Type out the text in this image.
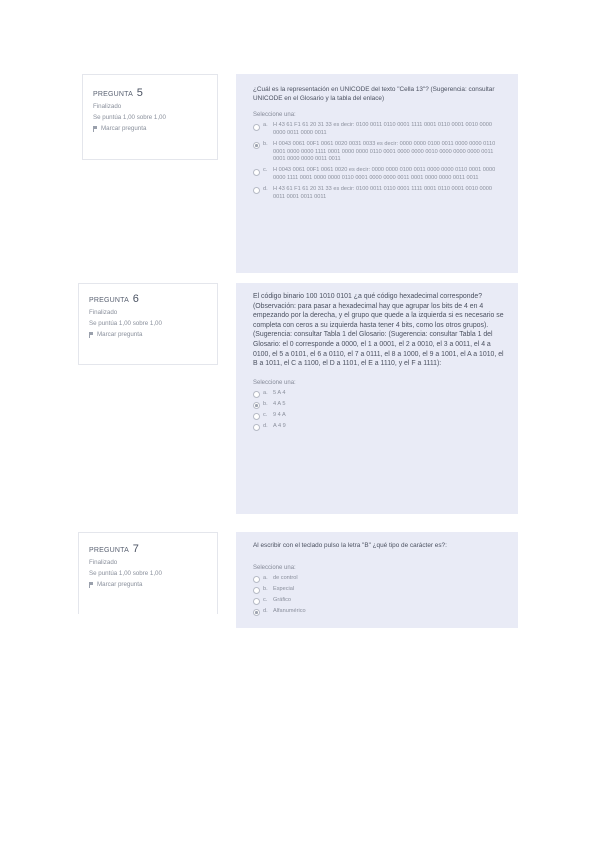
PREGUNTA 5
Finalizado
Se puntúa 1,00 sobre 1,00
Marcar pregunta
¿Cuál es la representación en UNICODE del texto "Cella 13"? (Sugerencia: consultar UNICODE en el Glosario y la tabla del enlace)
Seleccione una:
a. H 43 61 F1 61 20 31 33 es decir: 0100 0011 0110 0001 1111 0001 0110 0001 0010 0000 0000 0011 0000 0011
b. H 0043 0061 00F1 0061 0020 0031 0033 es decir: 0000 0000 0100 0011 0000 0000 0110 0001 0000 0000 1111 0001 0000 0000 0110 0001 0000 0000 0010 0000 0000 0000 0011 0001 0000 0000 0011 0011
c.	H 0043 0061 00F1 0061 0020 es decir: 0000 0000 0100 0011 0000 0000 0110 0001 0000 0000 1111 0001 0000 0000 0110 0001 0000 0000 0011 0001 0000 0000 0011 0011
d. H 43 61 F1 61 20 31 33 es decir: 0100 0011 0110 0001 1111 0001 0110 0001 0010 0000 0011 0001 0011 0011
PREGUNTA 6
Finalizado
Se puntúa 1,00 sobre 1,00
Marcar pregunta
El código binario 100 1010 0101 ¿a qué código hexadecimal corresponde? (Observación: para pasar a hexadecimal hay que agrupar los bits de 4 en 4 empezando por la derecha, y el grupo que quede a la izquierda si es necesario se completa con ceros a su izquierda hasta tener 4 bits, como los otros grupos). (Sugerencia: consultar Tabla 1 del Glosario: (Sugerencia: consultar Tabla 1 del Glosario: el 0 corresponde a 0000, el 1 a 0001, el 2 a 0010, el 3 a 0011, el 4 a 0100, el 5 a 0101, el 6 a 0110, el 7 a 0111, el 8 a 1000, el 9 a 1001, el A a 1010, el B a 1011, el C a 1100, el D a 1101, el E a 1110, y el F a 1111):
Seleccione una:
a. 5 A 4
b. 4 A 5
c.	9 4 A
d. A 4 9
PREGUNTA 7
Finalizado
Se puntúa 1,00 sobre 1,00
Marcar pregunta
Al escribir con el teclado pulso la letra "B" ¿qué tipo de carácter es?:
Seleccione una:
a. de control
b. Especial
c.	Gráfico
d. Alfanumérico
